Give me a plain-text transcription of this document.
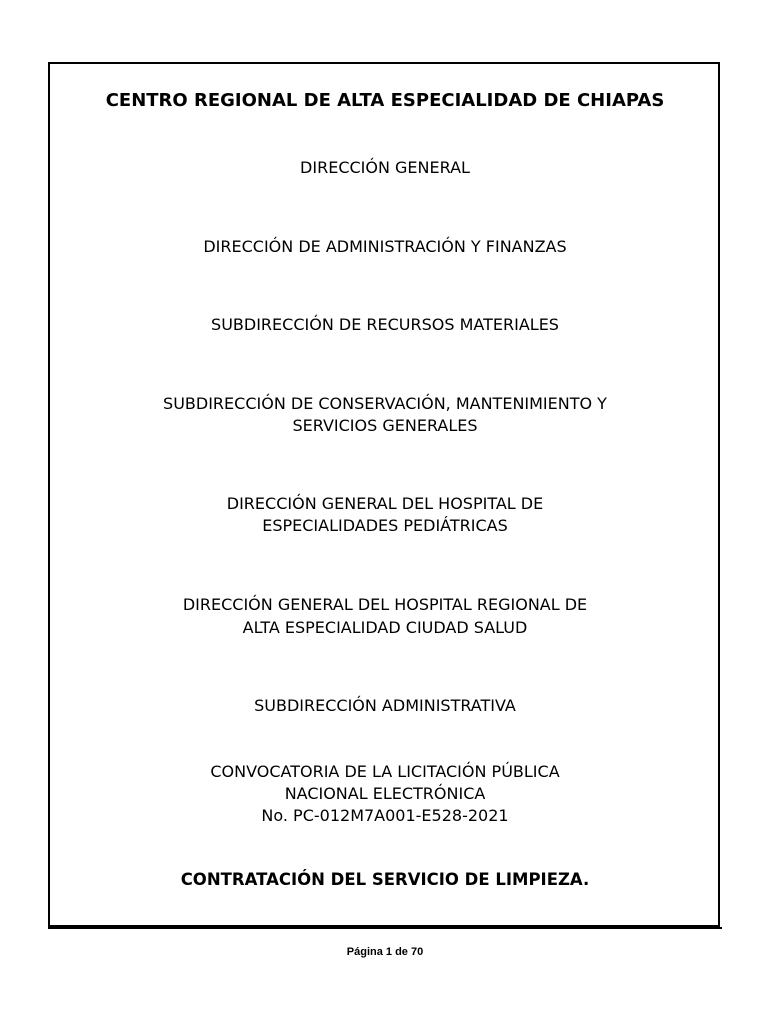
CENTRO REGIONAL DE ALTA ESPECIALIDAD DE CHIAPAS
DIRECCIÓN GENERAL
DIRECCIÓN DE ADMINISTRACIÓN Y FINANZAS
SUBDIRECCIÓN DE RECURSOS MATERIALES
SUBDIRECCIÓN DE CONSERVACIÓN, MANTENIMIENTO Y
SERVICIOS GENERALES
DIRECCIÓN GENERAL DEL HOSPITAL DE
ESPECIALIDADES PEDIÁTRICAS
DIRECCIÓN GENERAL DEL HOSPITAL REGIONAL DE
ALTA ESPECIALIDAD CIUDAD SALUD
SUBDIRECCIÓN ADMINISTRATIVA
CONVOCATORIA DE LA LICITACIÓN PÚBLICA
NACIONAL ELECTRÓNICA
No. PC-012M7A001-E528-2021
CONTRATACIÓN DEL SERVICIO DE LIMPIEZA.
Página 1 de 70
